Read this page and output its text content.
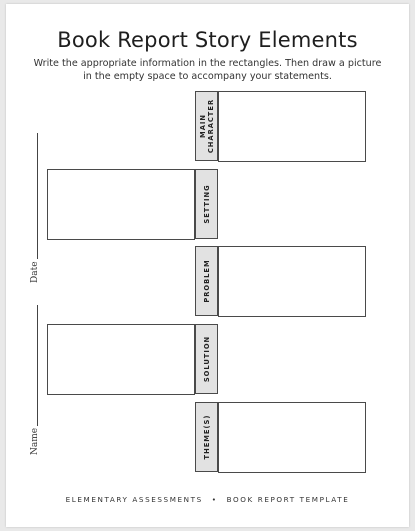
Book Report Story Elements
Write the appropriate information in the rectangles. Then draw a picture in the empty space to accompany your statements.
Date
Name
MAIN CHARACTER
SETTING
PROBLEM
SOLUTION
THEME(S)
ELEMENTARY ASSESSMENTS • BOOK REPORT TEMPLATE
